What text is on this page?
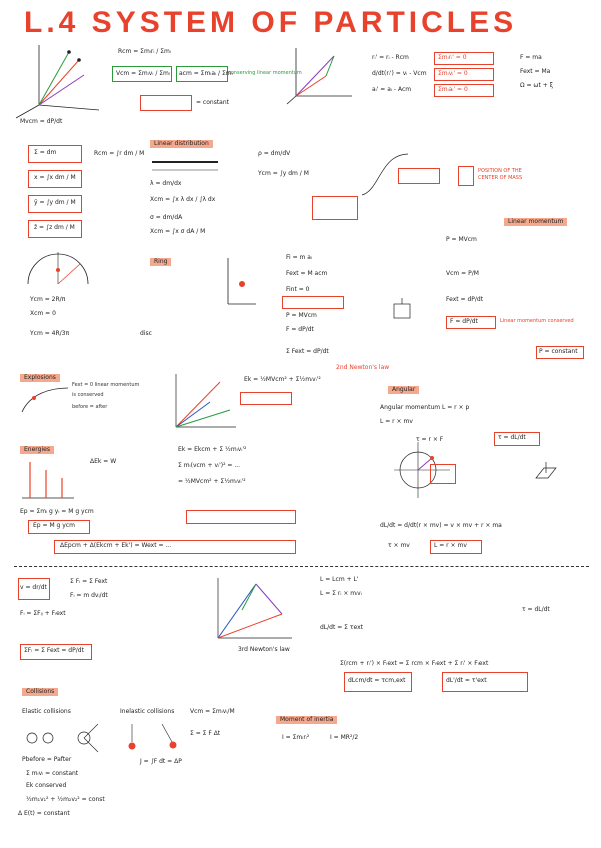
L.4 SYSTEM OF PARTICLES
Mvcm = dP/dt
Rcm = Σmᵢrᵢ / Σmᵢ
Vcm = Σmᵢvᵢ / Σmᵢ acm = Σmᵢaᵢ / Σmᵢ
conserving linear momentum
= constant
rᵢ' = rᵢ - Rcm
d/dt(rᵢ') = vᵢ - Vcm
aᵢ' = aᵢ - Acm
Σmᵢrᵢ' = 0
Σmᵢvᵢ' = 0
Σmᵢaᵢ' = 0
F = ma
Fext = Ma
Ω = ωt + ξ
Σ = dm
x = ∫x dm / M
ȳ = ∫y dm / M
z̄ = ∫z dm / M
Rcm = ∫r dm / M
Linear distribution
λ = dm/dx
Xcm = ∫x λ dx / ∫λ dx
σ = dm/dA
Xcm = ∫x σ dA / M
ρ = dm/dV
Ycm = ∫y dm / M	POSITION OF THE CENTER OF MASS
Linear momentum
Ring
Ycm = 2R/π
Xcm = 0
Ycm = 4R/3π	disc
Fi = m aᵢ
Fext = M acm
Fint = 0
P = MVcm
F = dP/dt
Σ Fext = dP/dt
2nd Newton's law
P = MVcm
Vcm = P/M
Fext = dP/dt
F = dP/dt	Linear momentum conserved
P = constant
Explosions
Fext = 0 linear momentum
is conserved
before = after
Ek = ½MVcm² + Σ½mᵢvᵢ'²
Energies
ΔEk = W
Ep = Σmᵢ g yᵢ = M g ycm
Ep = M g ycm
ΔEpcm + Δ(Ekcm + Ek') = Wext = ...
Ek = Ekcm + Σ ½mᵢvᵢ'²
Σ mᵢ(vcm + vᵢ')² = ...
= ½MVcm² + Σ½mᵢvᵢ'²
Angular
Angular momentum L = r × p
L = r × mv
τ = r × F	τ = dL/dt
dL/dt = d/dt(r × mv) = v × mv + r × ma
τ × mv	L = r × mv
v = dr/dt
Fᵢ = ΣFᵢⱼ + Fᵢext
Σ Fᵢ = Σ Fext
Fᵢ = m dvᵢ/dt
ΣFᵢ = Σ Fext = dP/dt	3rd Newton's law
L = Lcm + L'
L = Σ rᵢ × mᵢvᵢ
dL/dt = Σ τext
Σ(rcm + rᵢ') × Fᵢext = Σ rcm × Fᵢext + Σ rᵢ' × Fᵢext
dLcm/dt = τcm,ext	dL'/dt = τ'ext
τ = dL/dt
Collisions
Elastic collisions	Inelastic collisions
Pbefore = Pafter
Σ mᵢvᵢ = constant
Ek conserved
½m₁v₁² + ½m₂v₂² = const
Δ E(t) = constant
J = ∫F dt = ΔP
Vcm = Σmᵢvᵢ/M
Σ = Σ F Δt
Moment of inertia
I = Σmᵢrᵢ²	I = MR²/2
